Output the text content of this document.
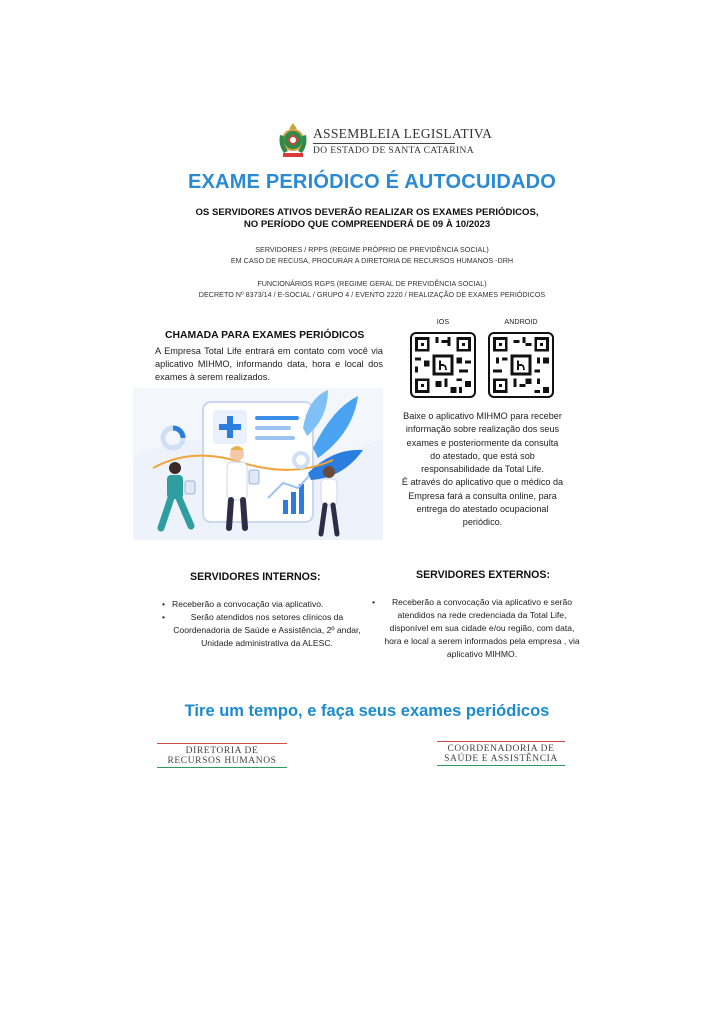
ASSEMBLEIA LEGISLATIVA
DO ESTADO DE SANTA CATARINA
EXAME PERIÓDICO É AUTOCUIDADO
OS SERVIDORES ATIVOS DEVERÃO REALIZAR OS EXAMES PERIÓDICOS,
NO PERÍODO QUE COMPREENDERÁ DE 09 À 10/2023
SERVIDORES / RPPS (REGIME PRÓPRIO DE PREVIDÊNCIA SOCIAL)
EM CASO DE RECUSA, PROCURAR A DIRETORIA DE RECURSOS HUMANOS -DRH
FUNCIONÁRIOS RGPS (REGIME GERAL DE PREVIDÊNCIA SOCIAL)
DECRETO Nº 8373/14 / E-SOCIAL / GRUPO 4 / EVENTO 2220 / REALIZAÇÃO DE EXAMES PERIÓDICOS
CHAMADA PARA EXAMES PERIÓDICOS
A Empresa Total Life entrará em contato com você via aplicativo MIHMO, informando data, hora e local dos exames à serem realizados.
IOS	ANDROID
Baixe o aplicativo MIHMO para receber
informação sobre realização dos seus
exames e posteriormente da consulta
do atestado, que está sob
responsabilidade da Total Life.
É através do aplicativo que o médico da
Empresa fará a consulta online, para
entrega do atestado ocupacional
periódico.
SERVIDORES INTERNOS:
• Receberão a convocação via aplicativo.
• Serão atendidos nos setores clínicos da Coordenadoria de Saúde e Assistência, 2º andar, Unidade administrativa da ALESC.
SERVIDORES EXTERNOS:
• Receberão a convocação via aplicativo e serão atendidos na rede credenciada da Total Life, disponível em sua cidade e/ou região, com data, hora e local a serem informados pela empresa , via aplicativo MIHMO.
Tire um tempo, e faça seus exames periódicos
DIRETORIA DE
RECURSOS HUMANOS
COORDENADORIA DE
SAÚDE E ASSISTÊNCIA
